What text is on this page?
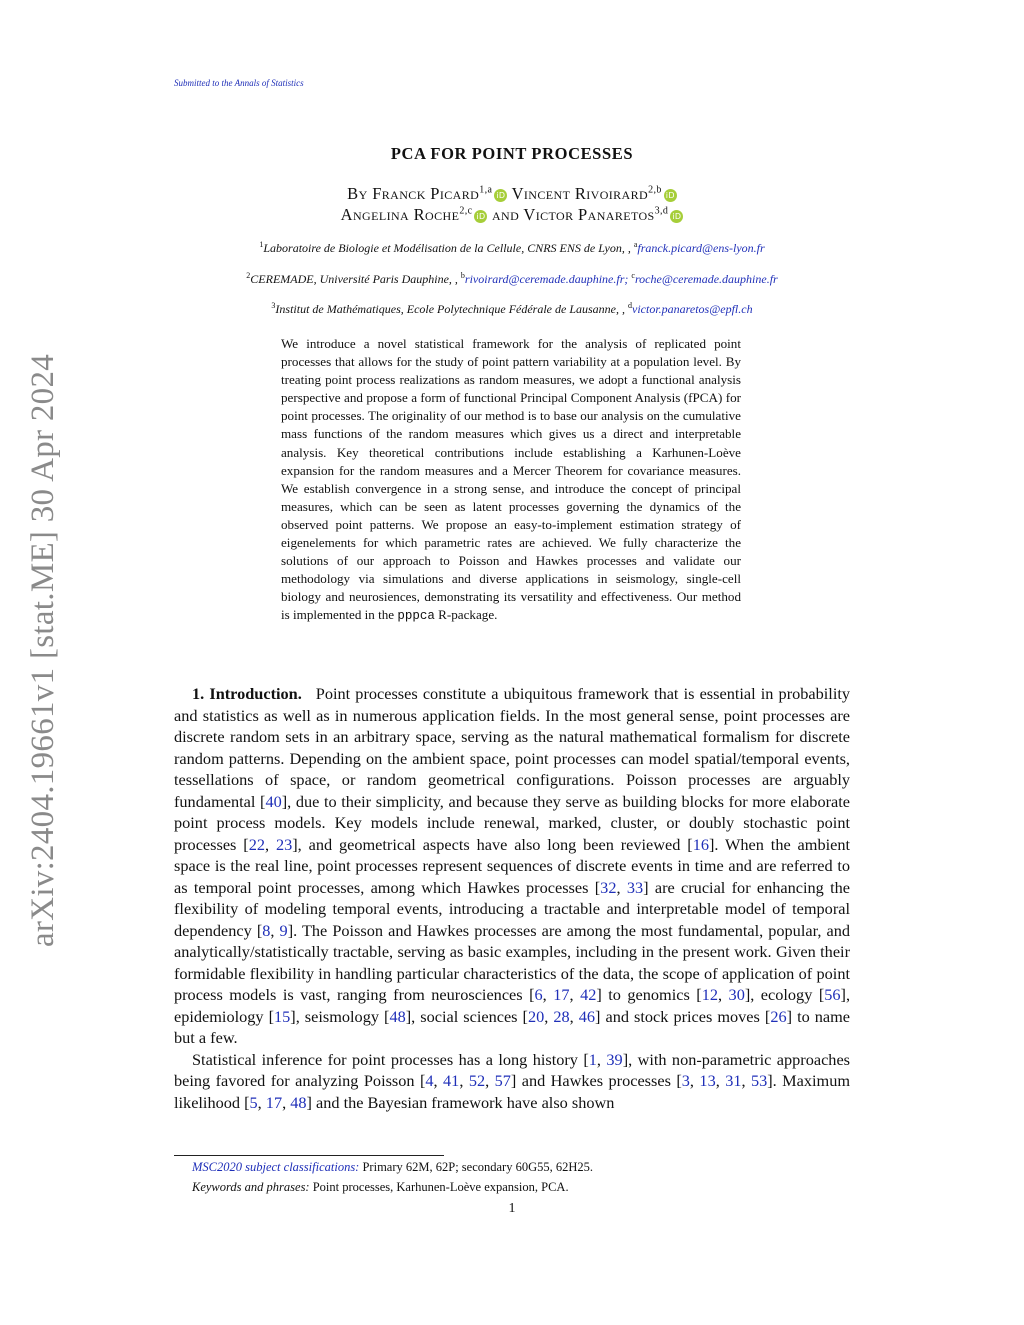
Submitted to the Annals of Statistics
arXiv:2404.19661v1 [stat.ME] 30 Apr 2024
PCA FOR POINT PROCESSES
By Franck Picard$^{1,a}$ iD Vincent Rivoirard$^{2,b}$ iD
Angelina Roche$^{2,c}$ iD and Victor Panaretos$^{3,d}$ iD
$^1$Laboratoire de Biologie et Modélisation de la Cellule, CNRS ENS de Lyon, , $^a$franck.picard@ens-lyon.fr
$^2$CEREMADE, Université Paris Dauphine, , $^b$rivoirard@ceremade.dauphine.fr; $^c$roche@ceremade.dauphine.fr
$^3$Institut de Mathématiques, Ecole Polytechnique Fédérale de Lausanne, , $^d$victor.panaretos@epfl.ch
We introduce a novel statistical framework for the analysis of replicated point processes that allows for the study of point pattern variability at a population level. By treating point process realizations as random measures, we adopt a functional analysis perspective and propose a form of functional Principal Component Analysis (fPCA) for point processes. The originality of our method is to base our analysis on the cumulative mass functions of the random measures which gives us a direct and interpretable analysis. Key theoretical contributions include establishing a Karhunen-Loève expansion for the random measures and a Mercer Theorem for covariance measures. We establish convergence in a strong sense, and introduce the concept of principal measures, which can be seen as latent processes governing the dynamics of the observed point patterns. We propose an easy-to-implement estimation strategy of eigenelements for which parametric rates are achieved. We fully characterize the solutions of our approach to Poisson and Hawkes processes and validate our methodology via simulations and diverse applications in seismology, single-cell biology and neurosiences, demonstrating its versatility and effectiveness. Our method is implemented in the pppca R-package.

1. Introduction. Point processes constitute a ubiquitous framework that is essential in probability and statistics as well as in numerous application fields. In the most general sense, point processes are discrete random sets in an arbitrary space, serving as the natural mathematical formalism for discrete random patterns. Depending on the ambient space, point processes can model spatial/temporal events, tessellations of space, or random geometrical configurations. Poisson processes are arguably fundamental [40], due to their simplicity, and because they serve as building blocks for more elaborate point process models. Key models include renewal, marked, cluster, or doubly stochastic point processes [22, 23], and geometrical aspects have also long been reviewed [16]. When the ambient space is the real line, point processes represent sequences of discrete events in time and are referred to as temporal point processes, among which Hawkes processes [32, 33] are crucial for enhancing the flexibility of modeling temporal events, introducing a tractable and interpretable model of temporal dependency [8, 9]. The Poisson and Hawkes processes are among the most fundamental, popular, and analytically/statistically tractable, serving as basic examples, including in the present work. Given their formidable flexibility in handling particular characteristics of the data, the scope of application of point process models is vast, ranging from neurosciences [6, 17, 42] to genomics [12, 30], ecology [56], epidemiology [15], seismology [48], social sciences [20, 28, 46] and stock prices moves [26] to name but a few.

Statistical inference for point processes has a long history [1, 39], with non-parametric approaches being favored for analyzing Poisson [4, 41, 52, 57] and Hawkes processes [3, 13, 31, 53]. Maximum likelihood [5, 17, 48] and the Bayesian framework have also shown

MSC2020 subject classifications: Primary 62M, 62P; secondary 60G55, 62H25.
Keywords and phrases: Point processes, Karhunen-Loève expansion, PCA.
1
